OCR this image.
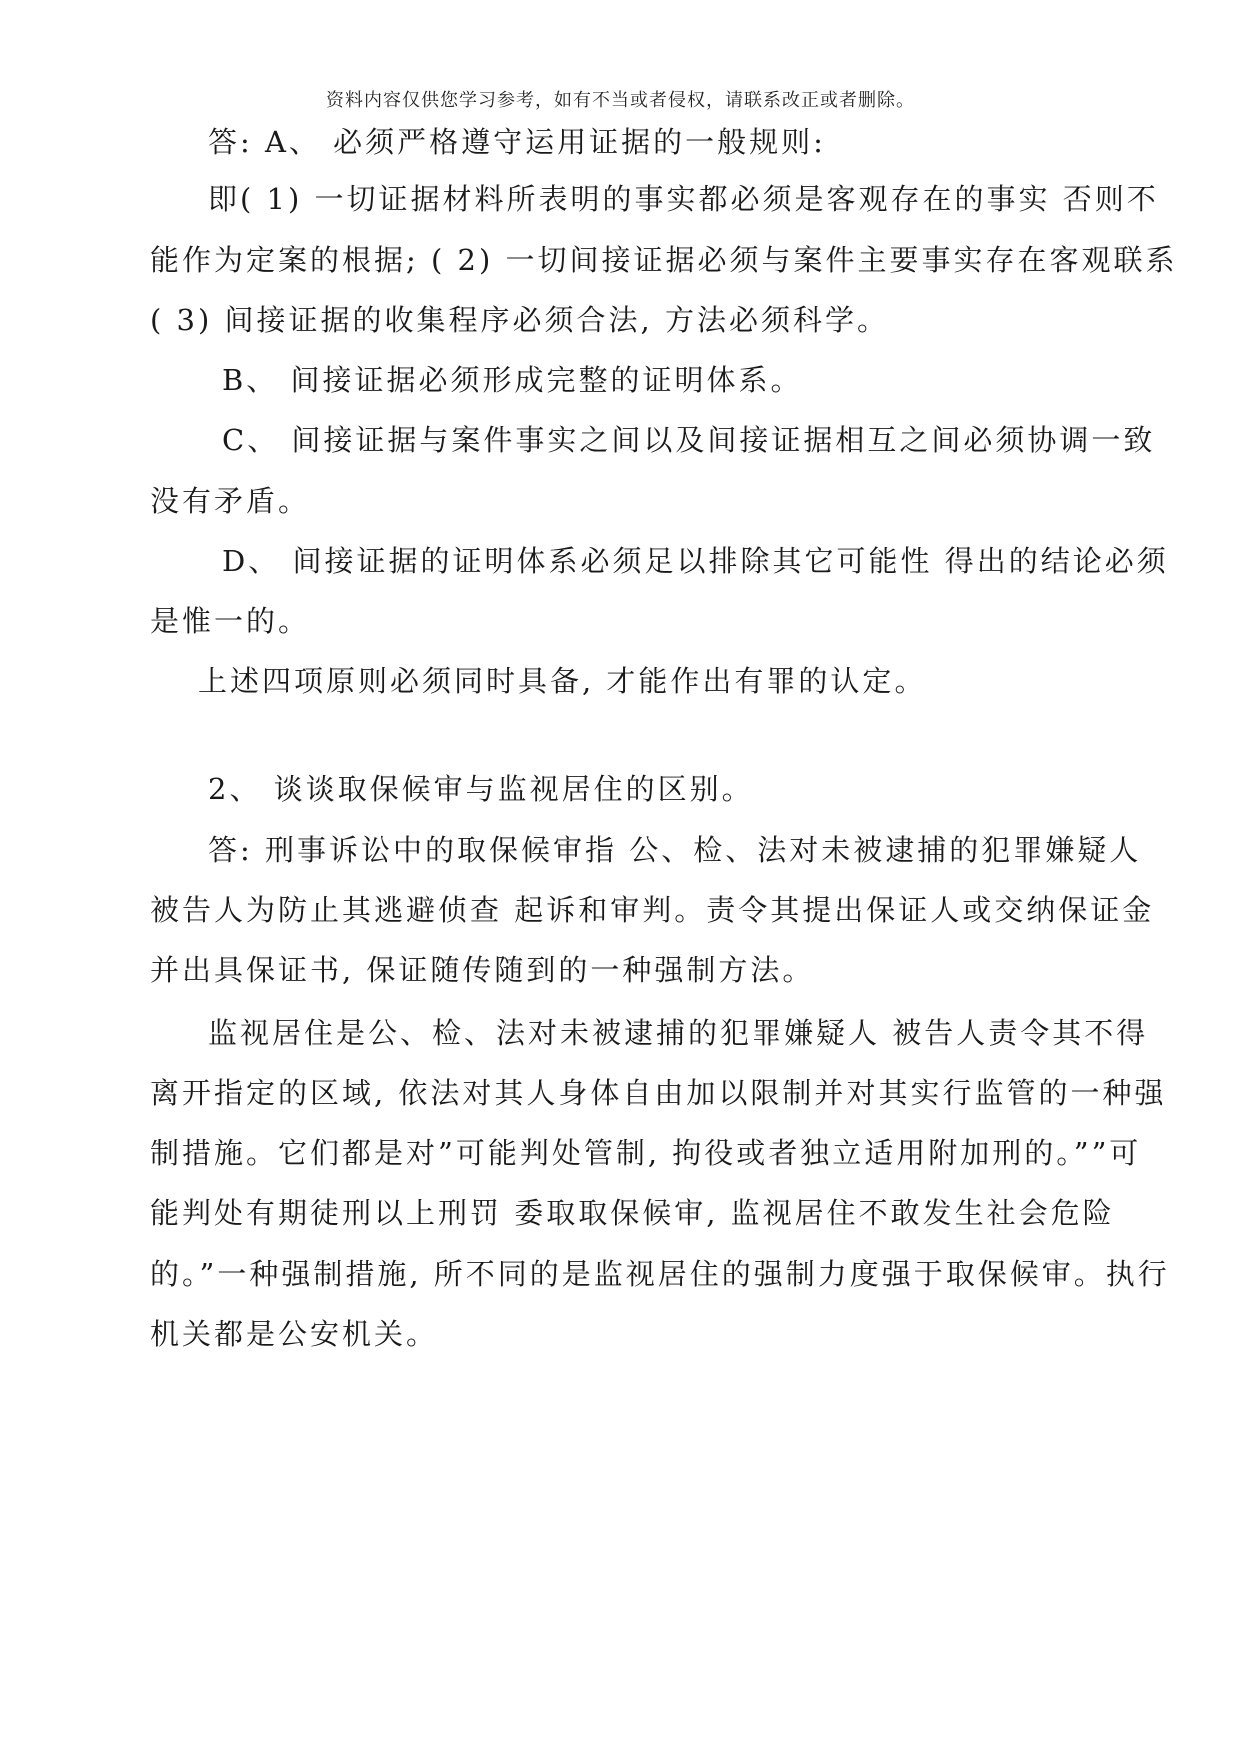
资料内容仅供您学习参考，如有不当或者侵权，请联系改正或者删除。
答: A、 必须严格遵守运用证据的一般规则:
即( 1) 一切证据材料所表明的事实都必须是客观存在的事实 否则不
能作为定案的根据; ( 2) 一切间接证据必须与案件主要事实存在客观联系
( 3) 间接证据的收集程序必须合法, 方法必须科学。
B、 间接证据必须形成完整的证明体系。
C、 间接证据与案件事实之间以及间接证据相互之间必须协调一致
没有矛盾。
D、 间接证据的证明体系必须足以排除其它可能性 得出的结论必须
是惟一的。
上述四项原则必须同时具备, 才能作出有罪的认定。
2、 谈谈取保候审与监视居住的区别。
答: 刑事诉讼中的取保候审指 公、检、法对未被逮捕的犯罪嫌疑人
被告人为防止其逃避侦查 起诉和审判。责令其提出保证人或交纳保证金
并出具保证书, 保证随传随到的一种强制方法。
监视居住是公、检、法对未被逮捕的犯罪嫌疑人 被告人责令其不得
离开指定的区域, 依法对其人身体自由加以限制并对其实行监管的一种强
制措施。它们都是对”可能判处管制, 拘役或者独立适用附加刑的。””可
能判处有期徒刑以上刑罚 委取取保候审, 监视居住不敢发生社会危险
的。”一种强制措施, 所不同的是监视居住的强制力度强于取保候审。执行
机关都是公安机关。
